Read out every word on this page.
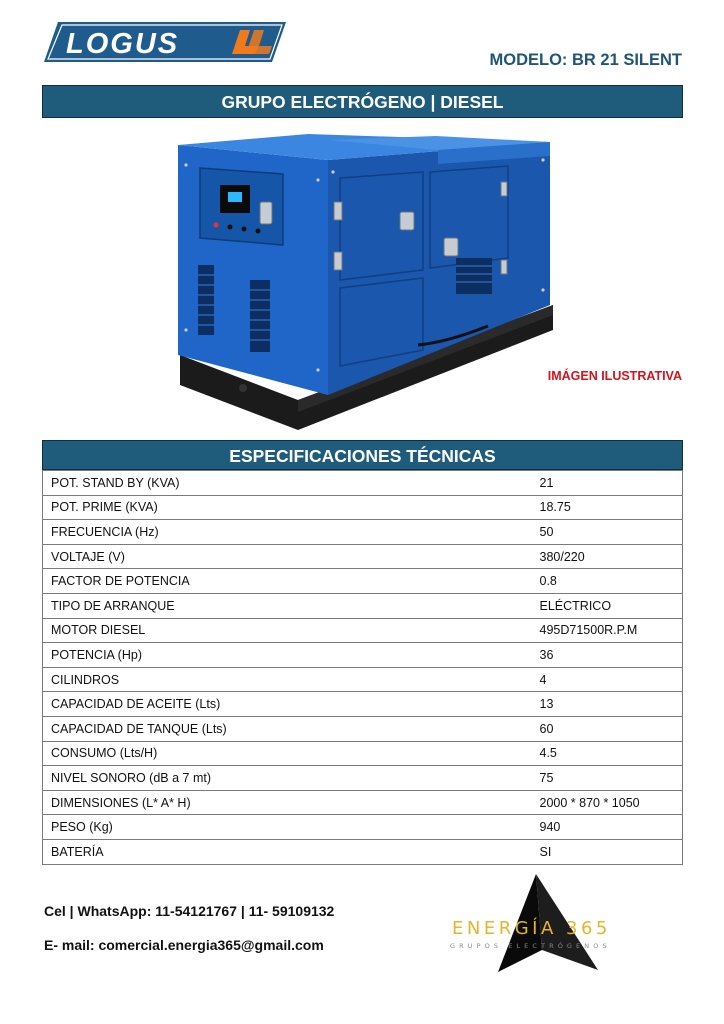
LOGUS	MODELO: BR 21 SILENT
GRUPO ELECTRÓGENO | DIESEL
IMÁGEN ILUSTRATIVA
ESPECIFICACIONES TÉCNICAS
POT. STAND BY (KVA)	21
POT. PRIME (KVA)	18.75
FRECUENCIA (Hz)	50
VOLTAJE (V)	380/220
FACTOR DE POTENCIA	0.8
TIPO DE ARRANQUE	ELÉCTRICO
MOTOR DIESEL	495D71500R.P.M
POTENCIA (Hp)	36
CILINDROS	4
CAPACIDAD DE ACEITE (Lts)	13
CAPACIDAD DE TANQUE (Lts)	60
CONSUMO (Lts/H)	4.5
NIVEL SONORO (dB a 7 mt)	75
DIMENSIONES (L* A* H)	2000 * 870 * 1050
PESO (Kg)	940
BATERÍA	SI
Cel | WhatsApp: 11-54121767 | 11- 59109132
E- mail: comercial.energia365@gmail.com
ENERGÍA 365
GRUPOS ELECTRÓGENOS
